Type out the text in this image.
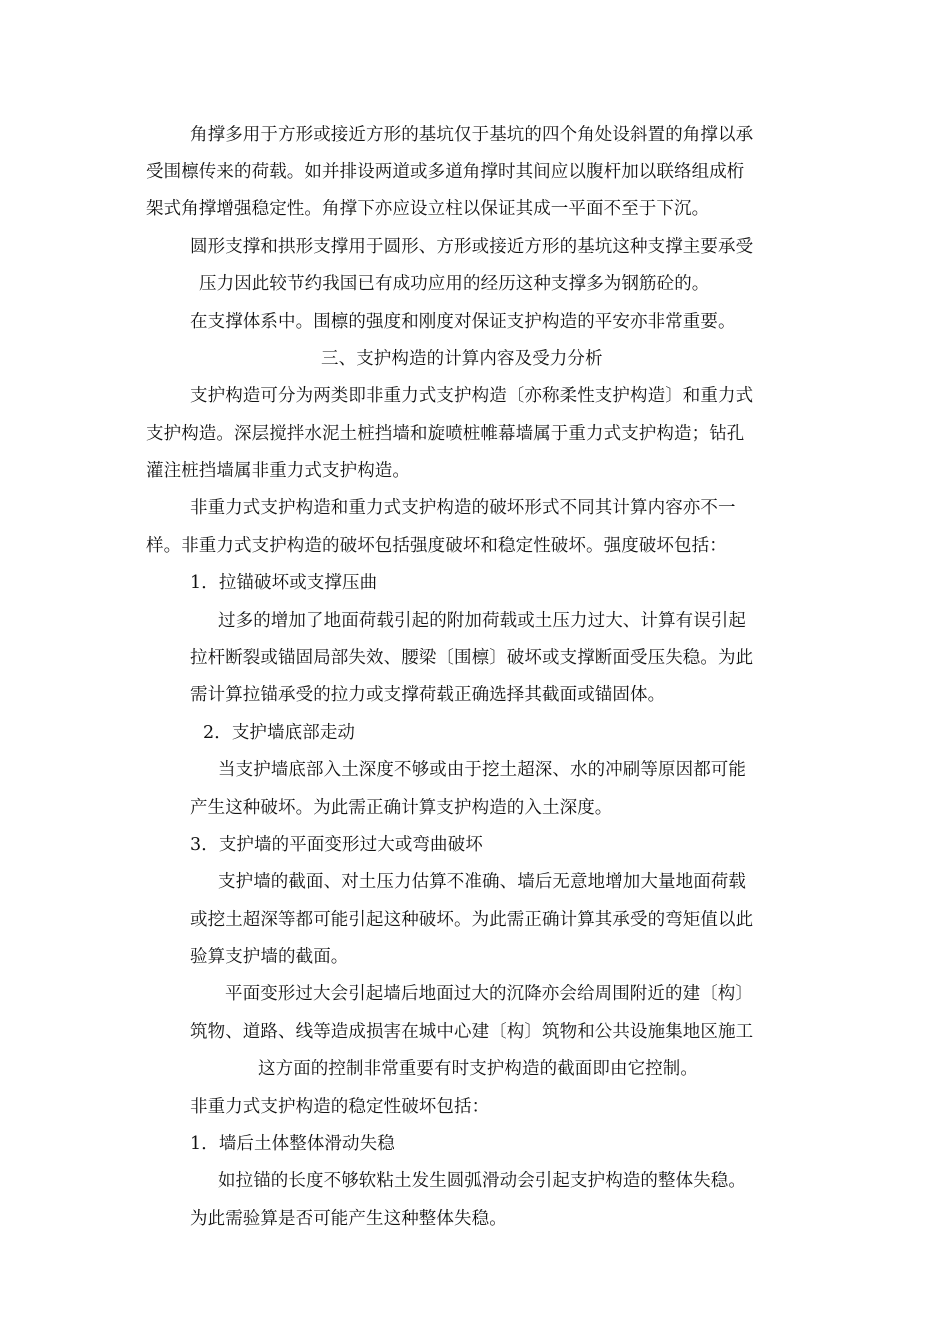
角撑多用于方形或接近方形的基坑仅于基坑的四个角处设斜置的角撑以承

受围檩传来的荷载。如并排设两道或多道角撑时其间应以腹杆加以联络组成桁

架式角撑增强稳定性。角撑下亦应设立柱以保证其成一平面不至于下沉。

圆形支撑和拱形支撑用于圆形、方形或接近方形的基坑这种支撑主要承受

压力因此较节约我国已有成功应用的经历这种支撑多为钢筋砼的。

在支撑体系中。围檩的强度和刚度对保证支护构造的平安亦非常重要。

三、支护构造的计算内容及受力分析

支护构造可分为两类即非重力式支护构造〔亦称柔性支护构造〕和重力式

支护构造。深层搅拌水泥土桩挡墙和旋喷桩帷幕墙属于重力式支护构造；钻孔

灌注桩挡墙属非重力式支护构造。

非重力式支护构造和重力式支护构造的破坏形式不同其计算内容亦不一

样。非重力式支护构造的破坏包括强度破坏和稳定性破坏。强度破坏包括：

1．拉锚破坏或支撑压曲

过多的增加了地面荷载引起的附加荷载或土压力过大、计算有误引起

拉杆断裂或锚固局部失效、腰梁〔围檩〕破坏或支撑断面受压失稳。为此

需计算拉锚承受的拉力或支撑荷载正确选择其截面或锚固体。

2．支护墙底部走动

当支护墙底部入土深度不够或由于挖土超深、水的冲刷等原因都可能

产生这种破坏。为此需正确计算支护构造的入土深度。

3．支护墙的平面变形过大或弯曲破坏

支护墙的截面、对土压力估算不准确、墙后无意地增加大量地面荷载

或挖土超深等都可能引起这种破坏。为此需正确计算其承受的弯矩值以此

验算支护墙的截面。

平面变形过大会引起墙后地面过大的沉降亦会给周围附近的建〔构〕

筑物、道路、线等造成损害在城中心建〔构〕筑物和公共设施集地区施工

这方面的控制非常重要有时支护构造的截面即由它控制。

非重力式支护构造的稳定性破坏包括：

1．墙后土体整体滑动失稳

如拉锚的长度不够软粘土发生圆弧滑动会引起支护构造的整体失稳。

为此需验算是否可能产生这种整体失稳。
